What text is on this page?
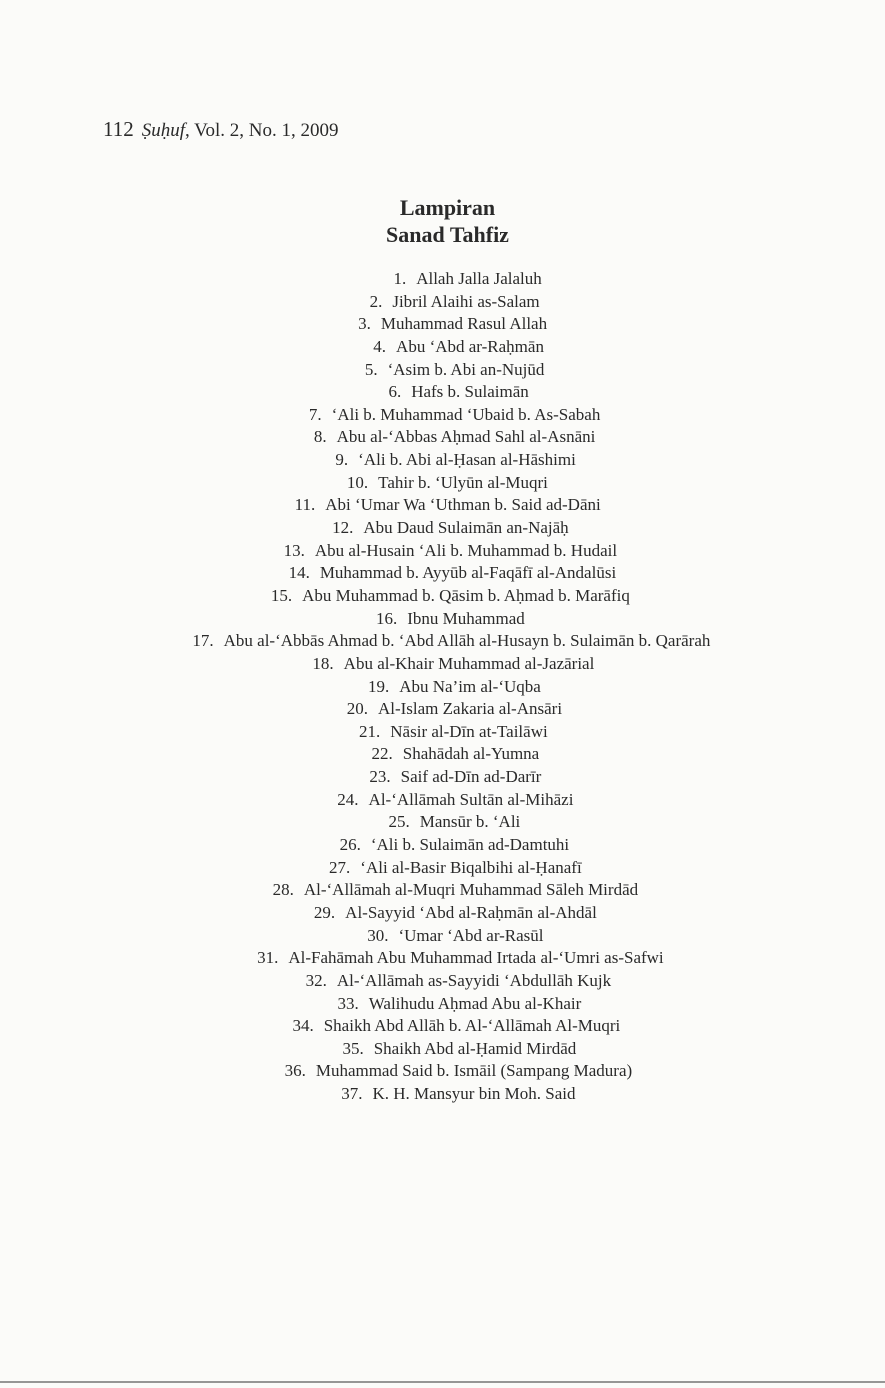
112 Ṣuḥuf, Vol. 2, No. 1, 2009
Lampiran
Sanad Tahfiz
1. Allah Jalla Jalaluh
2. Jibril Alaihi as-Salam
3. Muhammad Rasul Allah
4. Abu ‘Abd ar-Raḥmān
5. ‘Asim b. Abi an-Nujūd
6. Hafs b. Sulaimān
7. ‘Ali b. Muhammad ‘Ubaid b. As-Sabah
8. Abu al-‘Abbas Aḥmad Sahl al-Asnāni
9. ‘Ali b. Abi al-Ḥasan al-Hāshimi
10. Tahir b. ‘Ulyūn al-Muqri
11. Abi ‘Umar Wa ‘Uthman b. Said ad-Dāni
12. Abu Daud Sulaimān an-Najāḥ
13. Abu al-Husain ‘Ali b. Muhammad b. Hudail
14. Muhammad b. Ayyūb al-Faqāfī al-Andalūsi
15. Abu Muhammad b. Qāsim b. Aḥmad b. Marāfiq
16. Ibnu Muhammad
17. Abu al-‘Abbās Ahmad b. ‘Abd Allāh al-Husayn b. Sulaimān b. Qarārah
18. Abu al-Khair Muhammad al-Jazārial
19. Abu Na’im al-‘Uqba
20. Al-Islam Zakaria al-Ansāri
21. Nāsir al-Dīn at-Tailāwi
22. Shahādah al-Yumna
23. Saif ad-Dīn ad-Darīr
24. Al-‘Allāmah Sultān al-Mihāzi
25. Mansūr b. ‘Ali
26. ‘Ali b. Sulaimān ad-Damtuhi
27. ‘Ali al-Basir Biqalbihi al-Ḥanafī
28. Al-‘Allāmah al-Muqri Muhammad Sāleh Mirdād
29. Al-Sayyid ‘Abd al-Raḥmān al-Ahdāl
30. ‘Umar ‘Abd ar-Rasūl
31. Al-Fahāmah Abu Muhammad Irtada al-‘Umri as-Safwi
32. Al-‘Allāmah as-Sayyidi ‘Abdullāh Kujk
33. Walihudu Aḥmad Abu al-Khair
34. Shaikh Abd Allāh b. Al-‘Allāmah Al-Muqri
35. Shaikh Abd al-Ḥamid Mirdād
36. Muhammad Said b. Ismāil (Sampang Madura)
37. K. H. Mansyur bin Moh. Said
